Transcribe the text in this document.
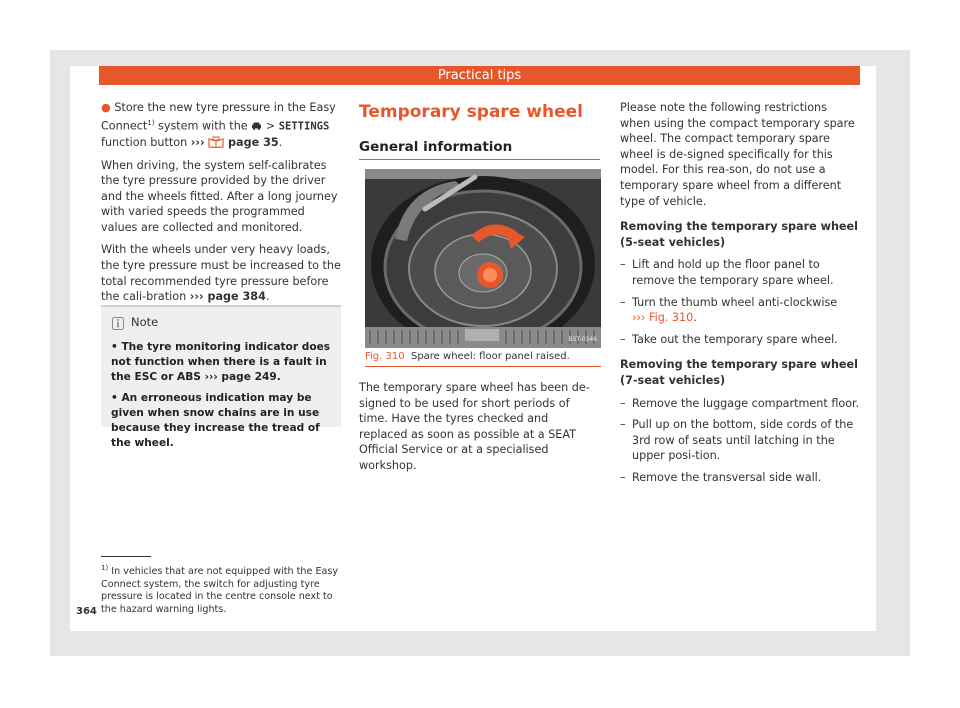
Practical tips

● Store the new tyre pressure in the Easy
Connect$^{1)}$ system with the  > SETTINGS
function button ›››  page 35.

When driving, the system self-calibrates the tyre pressure provided by the driver and the wheels fitted. After a long journey with varied speeds the programmed values are collected and monitored.

With the wheels under very heavy loads, the tyre pressure must be increased to the total recommended tyre pressure before the cali-bration ››› page 384.

Note
• The tyre monitoring indicator does not function when there is a fault in the ESC or ABS ››› page 249.
• An erroneous indication may be given when snow chains are in use because they increase the tread of the wheel.
$^{1)}$ In vehicles that are not equipped with the Easy Connect system, the switch for adjusting tyre pressure is located in the centre console next to the hazard warning lights.
364
Temporary spare wheel
General information
B5T-0346
Fig. 310 Spare wheel: floor panel raised.

The temporary spare wheel has been de-signed to be used for short periods of time. Have the tyres checked and replaced as soon as possible at a SEAT Official Service or at a specialised workshop.

Please note the following restrictions when using the compact temporary spare wheel. The compact temporary spare wheel is de-signed specifically for this model. For this rea-son, do not use a temporary spare wheel from a different type of vehicle.

Removing the temporary spare wheel (5-seat vehicles)

– Lift and hold up the floor panel to remove the temporary spare wheel.
– Turn the thumb wheel anti-clockwise
››› Fig. 310.
– Take out the temporary spare wheel.

Removing the temporary spare wheel (7-seat vehicles)

– Remove the luggage compartment floor.
– Pull up on the bottom, side cords of the 3rd row of seats until latching in the upper posi-tion.
– Remove the transversal side wall.
